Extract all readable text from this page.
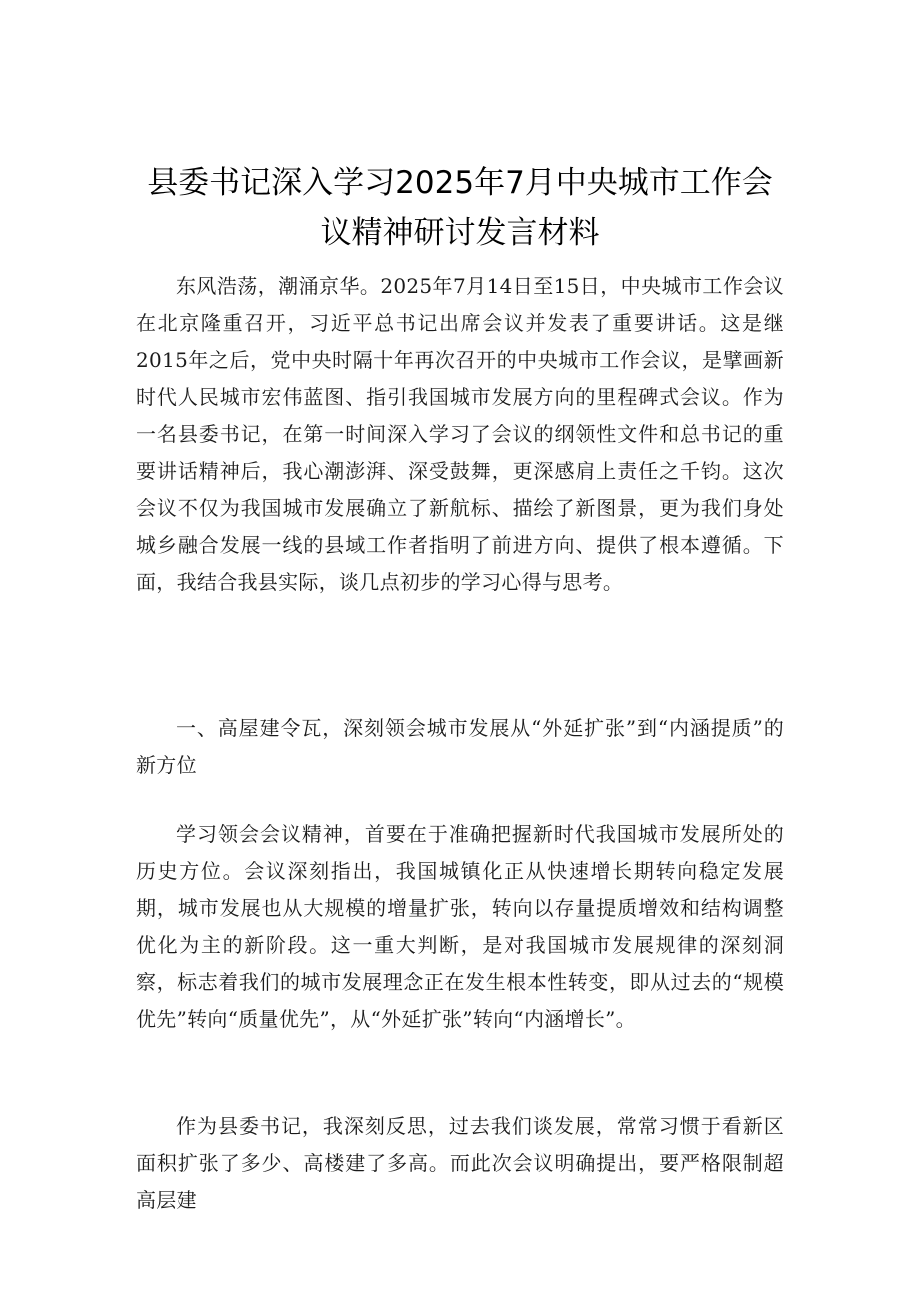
县委书记深入学习2025年7月中央城市工作会
议精神研讨发言材料

东风浩荡，潮涌京华。2025年7月14日至15日，中央城市工作会议在北京隆重召开，习近平总书记出席会议并发表了重要讲话。这是继2015年之后，党中央时隔十年再次召开的中央城市工作会议，是擘画新时代人民城市宏伟蓝图、指引我国城市发展方向的里程碑式会议。作为一名县委书记，在第一时间深入学习了会议的纲领性文件和总书记的重要讲话精神后，我心潮澎湃、深受鼓舞，更深感肩上责任之千钧。这次会议不仅为我国城市发展确立了新航标、描绘了新图景，更为我们身处城乡融合发展一线的县域工作者指明了前进方向、提供了根本遵循。下面，我结合我县实际，谈几点初步的学习心得与思考。

一、高屋建令瓦，深刻领会城市发展从“外延扩张”到“内涵提质”的新方位

学习领会会议精神，首要在于准确把握新时代我国城市发展所处的历史方位。会议深刻指出，我国城镇化正从快速增长期转向稳定发展期，城市发展也从大规模的增量扩张，转向以存量提质增效和结构调整优化为主的新阶段。这一重大判断，是对我国城市发展规律的深刻洞察，标志着我们的城市发展理念正在发生根本性转变，即从过去的“规模优先”转向“质量优先”，从“外延扩张”转向“内涵增长”。

作为县委书记，我深刻反思，过去我们谈发展，常常习惯于看新区面积扩张了多少、高楼建了多高。而此次会议明确提出，要严格限制超高层建
